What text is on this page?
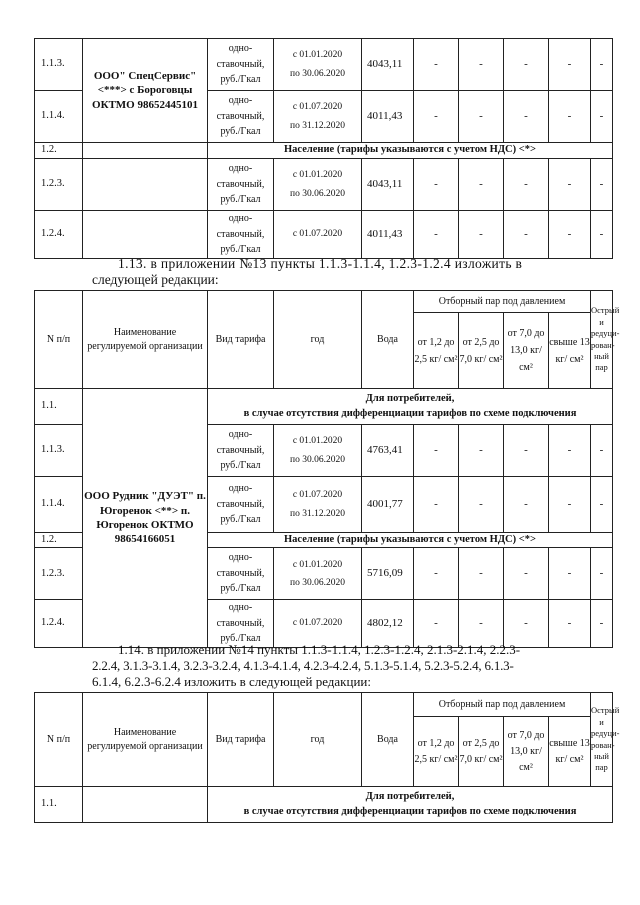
1.1.3.	ООО" СпецСервис" <***> с Бороговцы ОКТМО 98652445101	одно-ставочный, руб./Гкал	с 01.01.2020
по 30.06.2020	4043,11	-	-	-	-	-
1.1.4.		одно-ставочный, руб./Гкал	с 01.07.2020
по 31.12.2020	4011,43	-	-	-	-	-
1.2.		Население (тарифы указываются с учетом НДС) <*>							
1.2.3.		одно-ставочный, руб./Гкал	с 01.01.2020
по 30.06.2020	4043,11	-	-	-	-	-
1.2.4.		одно-ставочный, руб./Гкал	с 01.07.2020	4011,43	-	-	-	-	-
1.13. в приложении №13 пункты 1.1.3-1.1.4, 1.2.3-1.2.4 изложить в
следующей редакции:
N п/п	Наименование регулируемой организации	Вид тарифа	год	Вода	Отборный пар под давлением				Острый и редуци-рован-ный пар
					от 1,2 до 2,5 кг/ см²	от 2,5 до 7,0 кг/ см²	от 7,0 до 13,0 кг/ см²	свыше 13 кг/ см²	
1.1.	ООО Рудник "ДУЭТ" п. Югоренок <**> п. Югоренок ОКТМО 98654166051	Для потребителей,
в случае отсутствия дифференциации тарифов по схеме подключения							
1.1.3.		одно-ставочный, руб./Гкал	с 01.01.2020
по 30.06.2020	4763,41	-	-	-	-	-
1.1.4.		одно-ставочный, руб./Гкал	с 01.07.2020
по 31.12.2020	4001,77	-	-	-	-	-
1.2.		Население (тарифы указываются с учетом НДС) <*>							
1.2.3.		одно-ставочный, руб./Гкал	с 01.01.2020
по 30.06.2020	5716,09	-	-	-	-	-
1.2.4.		одно-ставочный, руб./Гкал	с 01.07.2020	4802,12	-	-	-	-	-
1.14. в приложении №14 пункты 1.1.3-1.1.4, 1.2.3-1.2.4, 2.1.3-2.1.4, 2.2.3-
2.2.4, 3.1.3-3.1.4, 3.2.3-3.2.4, 4.1.3-4.1.4, 4.2.3-4.2.4, 5.1.3-5.1.4, 5.2.3-5.2.4, 6.1.3-
6.1.4, 6.2.3-6.2.4 изложить в следующей редакции:
N п/п	Наименование регулируемой организации	Вид тарифа	год	Вода	Отборный пар под давлением				Острый и редуци-рован-ный пар
					от 1,2 до 2,5 кг/ см²	от 2,5 до 7,0 кг/ см²	от 7,0 до 13,0 кг/ см²	свыше 13 кг/ см²	
1.1.		Для потребителей,
в случае отсутствия дифференциации тарифов по схеме подключения							
